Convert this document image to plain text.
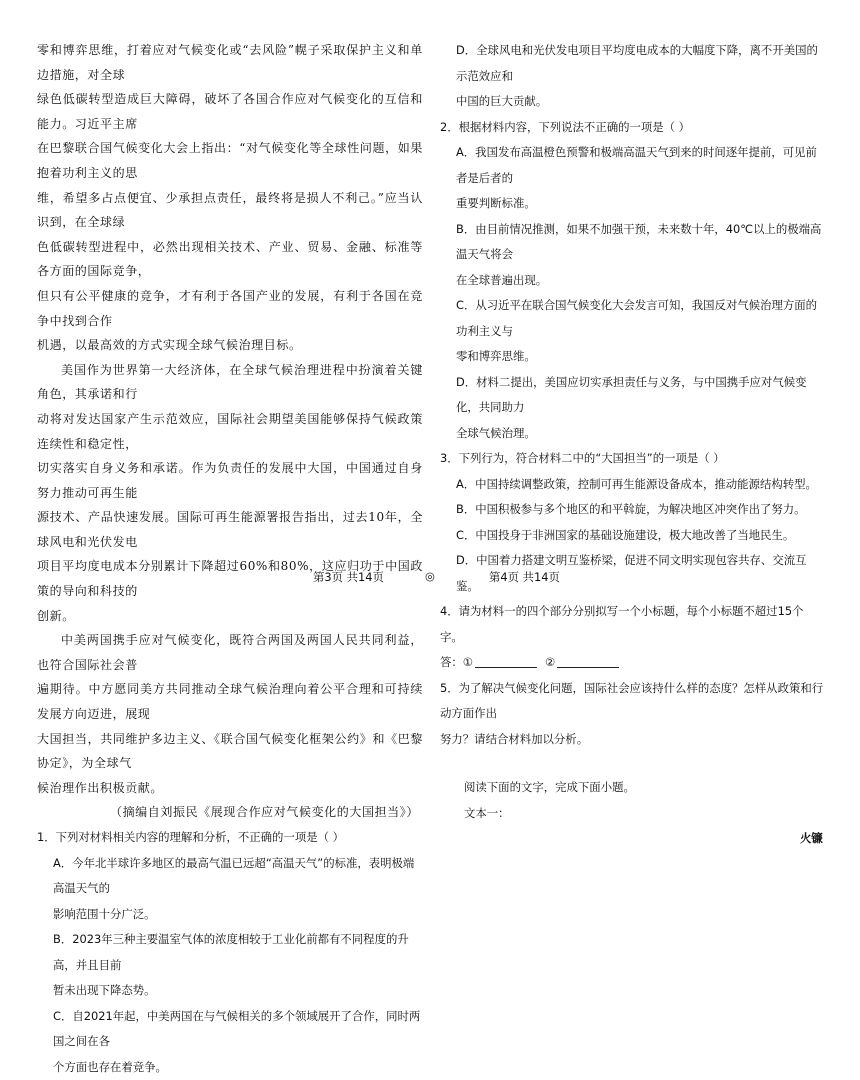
零和博弈思维，打着应对气候变化或“去风险”幌子采取保护主义和单边措施，对全球

绿色低碳转型造成巨大障碍，破坏了各国合作应对气候变化的互信和能力。习近平主席

在巴黎联合国气候变化大会上指出：“对气候变化等全球性问题，如果抱着功利主义的思

维，希望多占点便宜、少承担点责任，最终将是损人不利己。”应当认识到，在全球绿

色低碳转型进程中，必然出现相关技术、产业、贸易、金融、标准等各方面的国际竞争，

但只有公平健康的竞争，才有利于各国产业的发展，有利于各国在竞争中找到合作

机遇，以最高效的方式实现全球气候治理目标。

美国作为世界第一大经济体，在全球气候治理进程中扮演着关键角色，其承诺和行

动将对发达国家产生示范效应，国际社会期望美国能够保持气候政策连续性和稳定性，

切实落实自身义务和承诺。作为负责任的发展中大国，中国通过自身努力推动可再生能

源技术、产品快速发展。国际可再生能源署报告指出，过去10年，全球风电和光伏发电

项目平均度电成本分别累计下降超过60%和80%，这应归功于中国政策的导向和科技的

创新。

中美两国携手应对气候变化，既符合两国及两国人民共同利益，也符合国际社会普

遍期待。中方愿同美方共同推动全球气候治理向着公平合理和可持续发展方向迈进，展现

大国担当，共同维护多边主义、《联合国气候变化框架公约》和《巴黎协定》，为全球气

候治理作出积极贡献。

（摘编自刘振民《展现合作应对气候变化的大国担当》）

1．下列对材料相关内容的理解和分析，不正确的一项是（ ）

A．今年北半球许多地区的最高气温已远超“高温天气”的标准，表明极端高温天气的

影响范围十分广泛。

B．2023年三种主要温室气体的浓度相较于工业化前都有不同程度的升高，并且目前

暂未出现下降态势。

C．自2021年起，中美两国在与气候相关的多个领域展开了合作，同时两国之间在各

个方面也存在着竞争。

D．全球风电和光伏发电项目平均度电成本的大幅度下降，离不开美国的示范效应和

中国的巨大贡献。

2．根据材料内容，下列说法不正确的一项是（ ）

A．我国发布高温橙色预警和极端高温天气到来的时间逐年提前，可见前者是后者的

重要判断标准。

B．由目前情况推测，如果不加强干预，未来数十年，40℃以上的极端高温天气将会

在全球普遍出现。

C．从习近平在联合国气候变化大会发言可知，我国反对气候治理方面的功利主义与

零和博弈思维。

D．材料二提出，美国应切实承担责任与义务，与中国携手应对气候变化，共同助力

全球气候治理。

3．下列行为，符合材料二中的“大国担当”的一项是（ ）

A．中国持续调整政策，控制可再生能源设备成本，推动能源结构转型。

B．中国积极参与多个地区的和平斡旋，为解决地区冲突作出了努力。

C．中国投身于非洲国家的基础设施建设，极大地改善了当地民生。

D．中国着力搭建文明互鉴桥梁，促进不同文明实现包容共存、交流互鉴。

4．请为材料一的四个部分分别拟写一个小标题，每个小标题不超过15个字。

答：①	②

5．为了解决气候变化问题，国际社会应该持什么样的态度？怎样从政策和行动方面作出

努力？请结合材料加以分析。

阅读下面的文字，完成下面小题。

文本一：

火镰

第3页 共14页	◎	第4页 共14页
